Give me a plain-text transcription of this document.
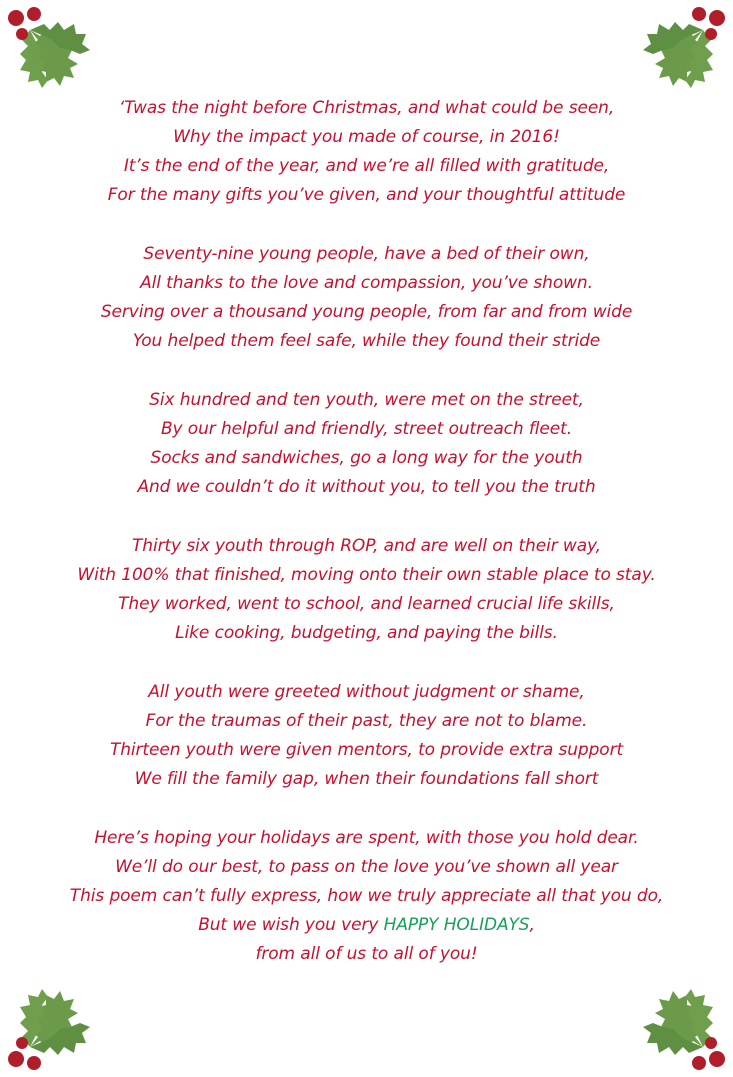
‘Twas the night before Christmas, and what could be seen,
Why the impact you made of course, in 2016!
It’s the end of the year, and we’re all filled with gratitude,
For the many gifts you’ve given, and your thoughtful attitude
Seventy-nine young people, have a bed of their own,
All thanks to the love and compassion, you’ve shown.
Serving over a thousand young people, from far and from wide
You helped them feel safe, while they found their stride
Six hundred and ten youth, were met on the street,
By our helpful and friendly, street outreach fleet.
Socks and sandwiches, go a long way for the youth
And we couldn’t do it without you, to tell you the truth
Thirty six youth through ROP, and are well on their way,
With 100% that finished, moving onto their own stable place to stay.
They worked, went to school, and learned crucial life skills,
Like cooking, budgeting, and paying the bills.
All youth were greeted without judgment or shame,
For the traumas of their past, they are not to blame.
Thirteen youth were given mentors, to provide extra support
We fill the family gap, when their foundations fall short
Here’s hoping your holidays are spent, with those you hold dear.
We’ll do our best, to pass on the love you’ve shown all year
This poem can’t fully express, how we truly appreciate all that you do,
But we wish you very HAPPY HOLIDAYS,
from all of us to all of you!
